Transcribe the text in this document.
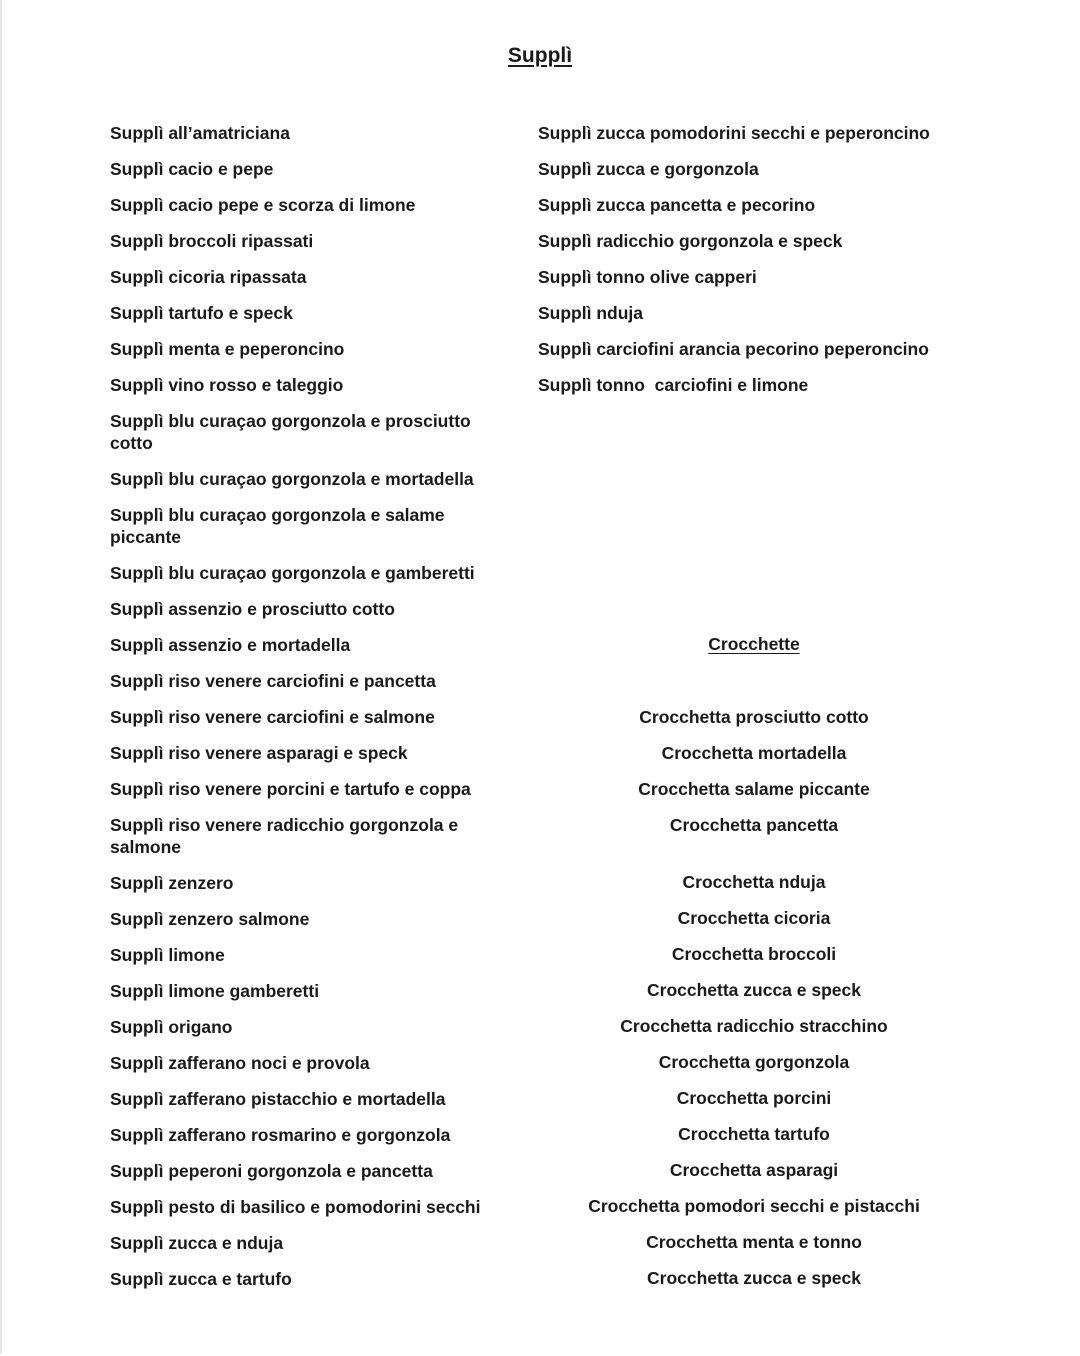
Supplì
Supplì all’amatriciana
Supplì cacio e pepe
Supplì cacio pepe e scorza di limone
Supplì broccoli ripassati
Supplì cicoria ripassata
Supplì tartufo e speck
Supplì menta e peperoncino
Supplì vino rosso e taleggio
Supplì blu curaçao gorgonzola e prosciutto cotto
Supplì blu curaçao gorgonzola e mortadella
Supplì blu curaçao gorgonzola e salame piccante
Supplì blu curaçao gorgonzola e gamberetti
Supplì assenzio e prosciutto cotto
Supplì assenzio e mortadella
Supplì riso venere carciofini e pancetta
Supplì riso venere carciofini e salmone
Supplì riso venere asparagi e speck
Supplì riso venere porcini e tartufo e coppa
Supplì riso venere radicchio gorgonzola e salmone
Supplì zenzero
Supplì zenzero salmone
Supplì limone
Supplì limone gamberetti
Supplì origano
Supplì zafferano noci e provola
Supplì zafferano pistacchio e mortadella
Supplì zafferano rosmarino e gorgonzola
Supplì peperoni gorgonzola e pancetta
Supplì pesto di basilico e pomodorini secchi
Supplì zucca e nduja
Supplì zucca e tartufo
Supplì zucca pomodorini secchi e peperoncino
Supplì zucca e gorgonzola
Supplì zucca pancetta e pecorino
Supplì radicchio gorgonzola e speck
Supplì tonno olive capperi
Supplì nduja
Supplì carciofini arancia pecorino peperoncino
Supplì tonno  carciofini e limone
Crocchette
Crocchetta prosciutto cotto
Crocchetta mortadella
Crocchetta salame piccante
Crocchetta pancetta
Crocchetta nduja
Crocchetta cicoria
Crocchetta broccoli
Crocchetta zucca e speck
Crocchetta radicchio stracchino
Crocchetta gorgonzola
Crocchetta porcini
Crocchetta tartufo
Crocchetta asparagi
Crocchetta pomodori secchi e pistacchi
Crocchetta menta e tonno
Crocchetta zucca e speck
